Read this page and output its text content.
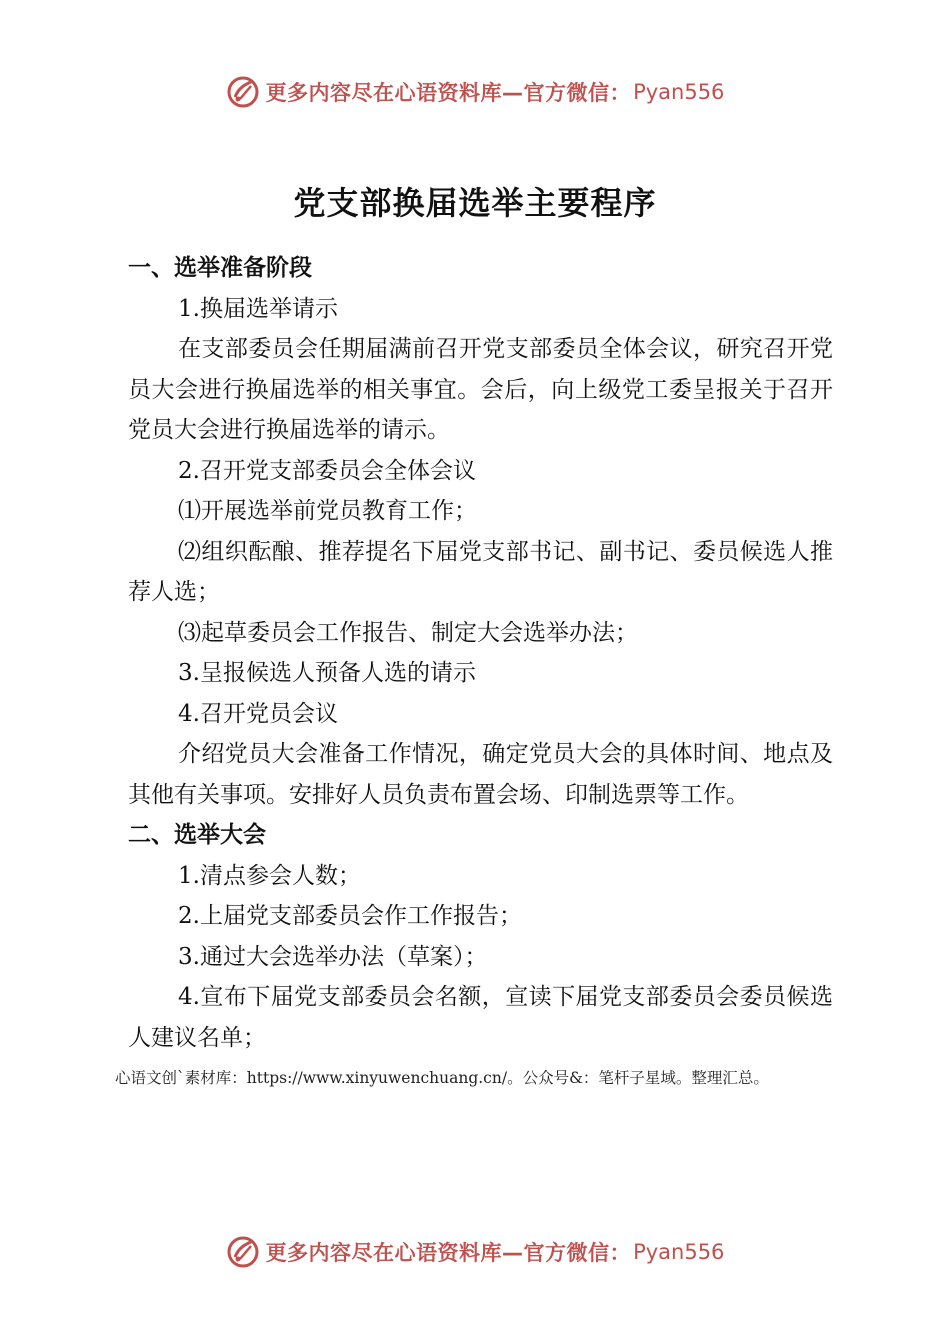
更多内容尽在心语资料库—官方微信： Pyan556
党支部换届选举主要程序

一、选举准备阶段

1.换届选举请示

在支部委员会任期届满前召开党支部委员全体会议，研究召开党员大会进行换届选举的相关事宜。会后，向上级党工委呈报关于召开党员大会进行换届选举的请示。

2.召开党支部委员会全体会议

⑴开展选举前党员教育工作；

⑵组织酝酿、推荐提名下届党支部书记、副书记、委员候选人推荐人选；

⑶起草委员会工作报告、制定大会选举办法；

3.呈报候选人预备人选的请示

4.召开党员会议

介绍党员大会准备工作情况，确定党员大会的具体时间、地点及其他有关事项。安排好人员负责布置会场、印制选票等工作。

二、选举大会

1.清点参会人数；

2.上届党支部委员会作工作报告；

3.通过大会选举办法（草案）；

4.宣布下届党支部委员会名额，宣读下届党支部委员会委员候选人建议名单；

心语文创`素材库：https://www.xinyuwenchuang.cn/。公众号&：笔杆子星域。整理汇总。
更多内容尽在心语资料库—官方微信： Pyan556
